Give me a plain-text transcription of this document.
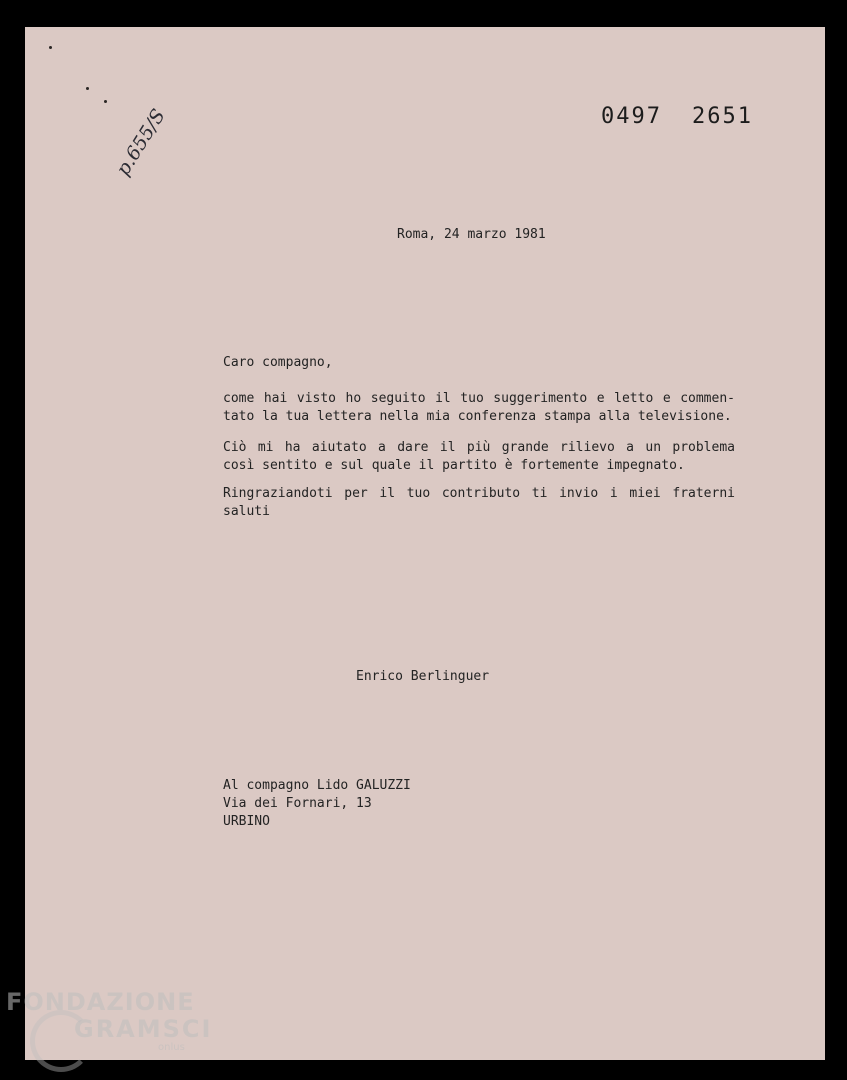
0497 2651
p.655/S
Roma, 24 marzo 1981
Caro compagno,
come hai visto ho seguito il tuo suggerimento e letto e commen-
tato la tua lettera nella mia conferenza stampa alla televisione.
Ciò mi ha aiutato a dare il più grande rilievo a un problema
così sentito e sul quale il partito è fortemente impegnato.
Ringraziandoti per il tuo contributo ti invio i miei fraterni
saluti
Enrico Berlinguer
Al compagno Lido GALUZZI
Via dei Fornari, 13
URBINO
FONDAZIONE
GRAMSCI
onlus
